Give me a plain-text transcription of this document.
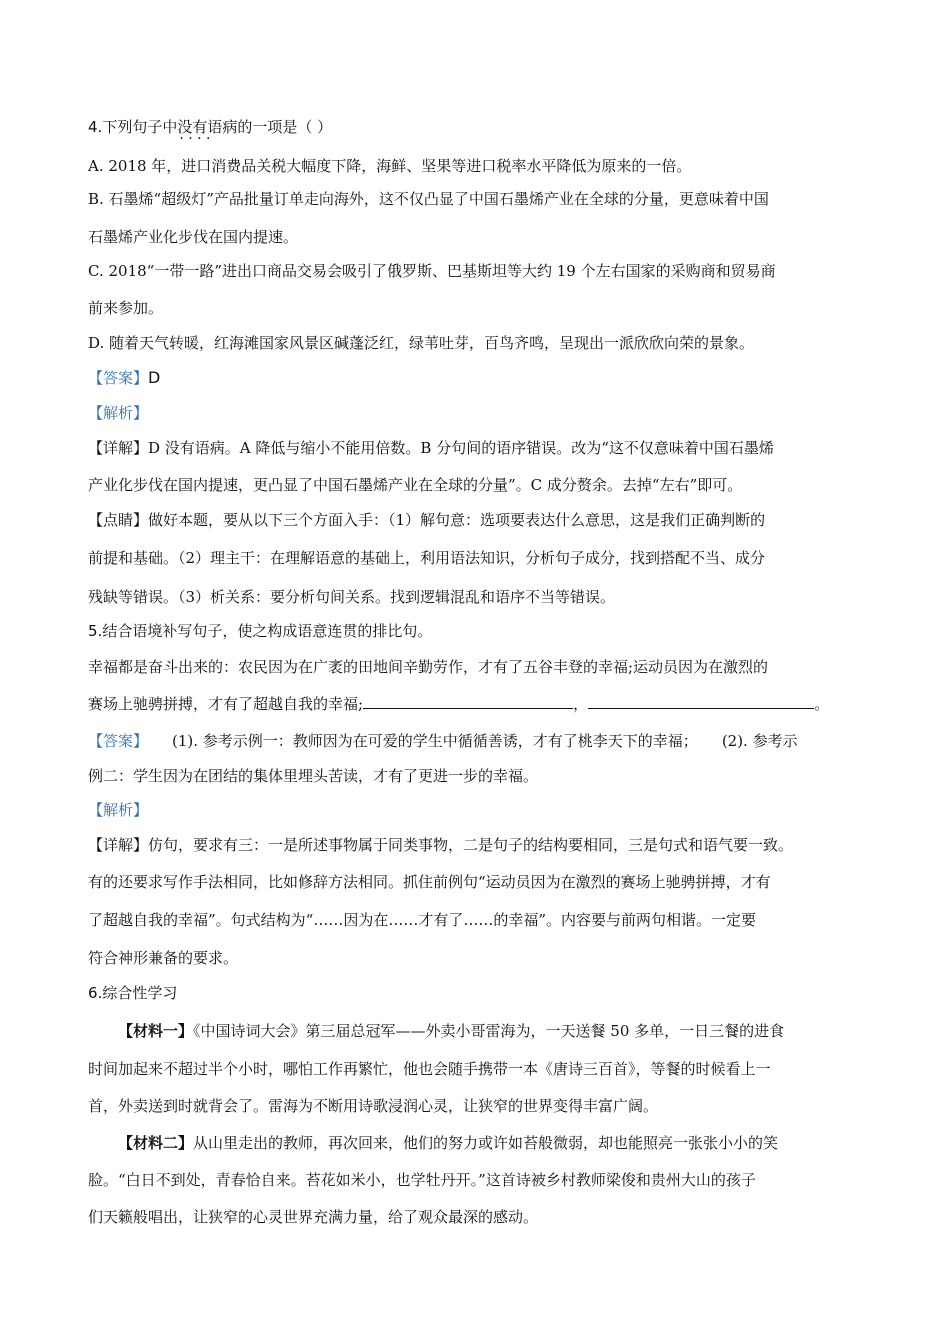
4.下列句子中没有语病 · ·的一项是（ ）
A. 2018 年，进口消费品关税大幅度下降，海鲜、坚果等进口税率水平降低为原来的一倍。
B. 石墨烯“超级灯”产品批量订单走向海外，这不仅凸显了中国石墨烯产业在全球的分量，更意味着中国
石墨烯产业化步伐在国内提速。
C. 2018“一带一路”进出口商品交易会吸引了俄罗斯、巴基斯坦等大约 19 个左右国家的采购商和贸易商
前来参加。
D. 随着天气转暖，红海滩国家风景区碱蓬泛红，绿苇吐芽，百鸟齐鸣，呈现出一派欣欣向荣的景象。
【答案】D
【解析】
【详解】D 没有语病。A 降低与缩小不能用倍数。B 分句间的语序错误。改为“这不仅意味着中国石墨烯
产业化步伐在国内提速，更凸显了中国石墨烯产业在全球的分量”。C 成分赘余。去掉“左右”即可。
【点睛】做好本题，要从以下三个方面入手：（1）解句意：选项要表达什么意思，这是我们正确判断的
前提和基础。（2）理主干：在理解语意的基础上，利用语法知识，分析句子成分，找到搭配不当、成分
残缺等错误。（3）析关系：要分析句间关系。找到逻辑混乱和语序不当等错误。
5.结合语境补写句子，使之构成语意连贯的排比句。
幸福都是奋斗出来的：农民因为在广袤的田地间辛勤劳作，才有了五谷丰登的幸福;运动员因为在激烈的
赛场上驰骋拼搏，才有了超越自我的幸福;	，	。
【答案】 (1). 参考示例一：教师因为在可爱的学生中循循善诱，才有了桃李天下的幸福； (2). 参考示
例二：学生因为在团结的集体里埋头苦读，才有了更进一步的幸福。
【解析】
【详解】仿句，要求有三：一是所述事物属于同类事物，二是句子的结构要相同，三是句式和语气要一致。
有的还要求写作手法相同，比如修辞方法相同。抓住前例句“运动员因为在激烈的赛场上驰骋拼搏，才有
了超越自我的幸福”。句式结构为“……因为在……才有了……的幸福”。内容要与前两句相谐。一定要
符合神形兼备的要求。
6.综合性学习
【材料一】《中国诗词大会》第三届总冠军——外卖小哥雷海为，一天送餐 50 多单，一日三餐的进食
时间加起来不超过半个小时，哪怕工作再繁忙，他也会随手携带一本《唐诗三百首》，等餐的时候看上一
首，外卖送到时就背会了。雷海为不断用诗歌浸润心灵，让狭窄的世界变得丰富广阔。
【材料二】从山里走出的教师，再次回来，他们的努力或许如苔般微弱，却也能照亮一张张小小的笑
脸。“白日不到处，青春恰自来。苔花如米小，也学牡丹开。”这首诗被乡村教师梁俊和贵州大山的孩子
们天籁般唱出，让狭窄的心灵世界充满力量，给了观众最深的感动。
